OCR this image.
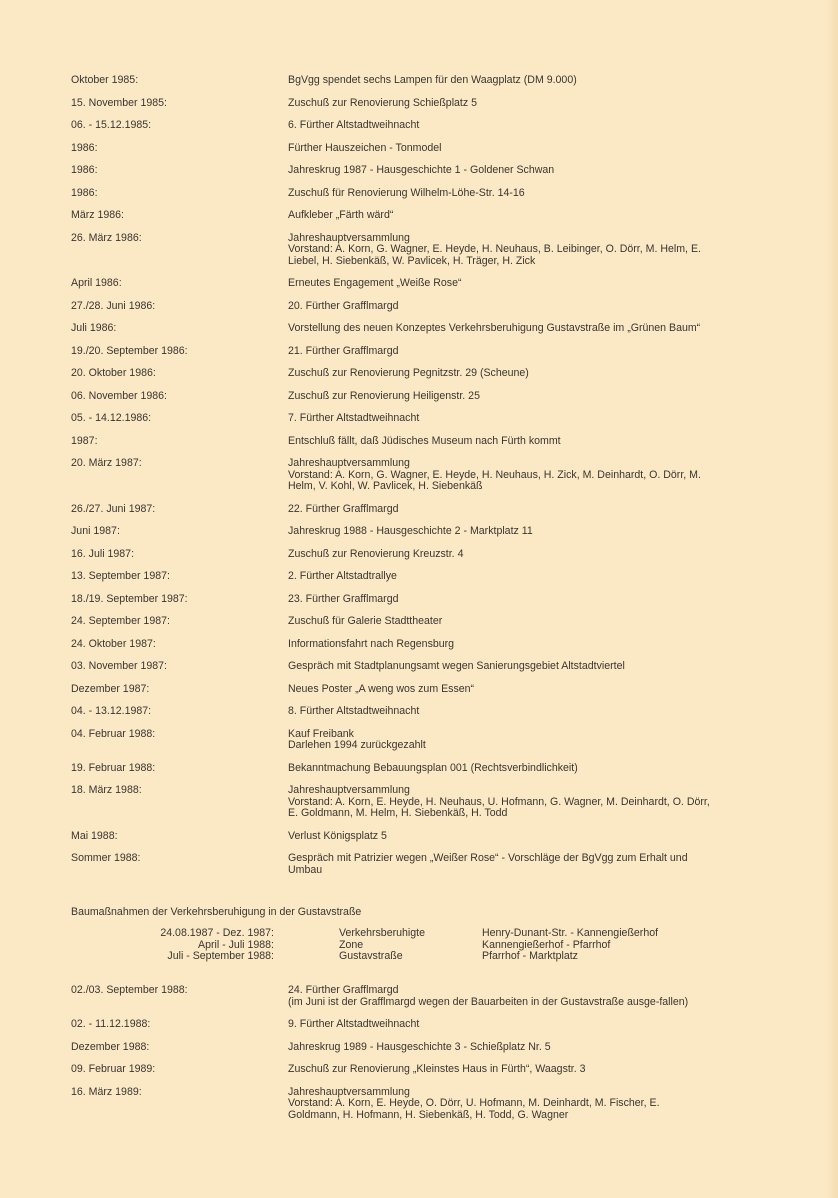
Oktober 1985:	BgVgg spendet sechs Lampen für den Waagplatz (DM 9.000)
15. November 1985:	Zuschuß zur Renovierung Schießplatz 5
06. - 15.12.1985:	6. Fürther Altstadtweihnacht
1986:	Fürther Hauszeichen - Tonmodel
1986:	Jahreskrug 1987 - Hausgeschichte 1 - Goldener Schwan
1986:	Zuschuß für Renovierung Wilhelm-Löhe-Str. 14-16
März 1986:	Aufkleber „Färth wärd“
26. März 1986:	Jahreshauptversammlung
Vorstand: A. Korn, G. Wagner, E. Heyde, H. Neuhaus, B. Leibinger, O. Dörr, M. Helm, E. Liebel, H. Siebenkäß, W. Pavlicek, H. Träger, H. Zick
April 1986:	Erneutes Engagement „Weiße Rose“
27./28. Juni 1986:	20. Fürther Grafflmargd
Juli 1986:	Vorstellung des neuen Konzeptes Verkehrsberuhigung Gustavstraße im „Grünen Baum“
19./20. September 1986:	21. Fürther Grafflmargd
20. Oktober 1986:	Zuschuß zur Renovierung Pegnitzstr. 29 (Scheune)
06. November 1986:	Zuschuß zur Renovierung Heiligenstr. 25
05. - 14.12.1986:	7. Fürther Altstadtweihnacht
1987:	Entschluß fällt, daß Jüdisches Museum nach Fürth kommt
20. März 1987:	Jahreshauptversammlung
Vorstand: A. Korn, G. Wagner, E. Heyde, H. Neuhaus, H. Zick, M. Deinhardt, O. Dörr, M. Helm, V. Kohl, W. Pavlicek, H. Siebenkäß
26./27. Juni 1987:	22. Fürther Grafflmargd
Juni 1987:	Jahreskrug 1988 - Hausgeschichte 2 - Marktplatz 11
16. Juli 1987:	Zuschuß zur Renovierung Kreuzstr. 4
13. September 1987:	2. Fürther Altstadtrallye
18./19. September 1987:	23. Fürther Grafflmargd
24. September 1987:	Zuschuß für Galerie Stadttheater
24. Oktober 1987:	Informationsfahrt nach Regensburg
03. November 1987:	Gespräch mit Stadtplanungsamt wegen Sanierungsgebiet Altstadtviertel
Dezember 1987:	Neues Poster „A weng wos zum Essen“
04. - 13.12.1987:	8. Fürther Altstadtweihnacht
04. Februar 1988:	Kauf Freibank
Darlehen 1994 zurückgezahlt
19. Februar 1988:	Bekanntmachung Bebauungsplan 001 (Rechtsverbindlichkeit)
18. März 1988:	Jahreshauptversammlung
Vorstand: A. Korn, E. Heyde, H. Neuhaus, U. Hofmann, G. Wagner, M. Deinhardt, O. Dörr, E. Goldmann, M. Helm, H. Siebenkäß, H. Todd
Mai 1988:	Verlust Königsplatz 5
Sommer 1988:	Gespräch mit Patrizier wegen „Weißer Rose“ - Vorschläge der BgVgg zum Erhalt und Umbau
Baumaßnahmen der Verkehrsberuhigung in der Gustavstraße
24.08.1987 - Dez. 1987:	Verkehrsberuhigte	Henry-Dunant-Str. - Kannengießerhof
April - Juli 1988:	Zone	Kannengießerhof - Pfarrhof
Juli - September 1988:	Gustavstraße	Pfarrhof - Marktplatz
02./03. September 1988:	24. Fürther Grafflmargd
(im Juni ist der Grafflmargd wegen der Bauarbeiten in der Gustavstraße ausge-fallen)
02. - 11.12.1988:	9. Fürther Altstadtweihnacht
Dezember 1988:	Jahreskrug 1989 - Hausgeschichte 3 - Schießplatz Nr. 5
09. Februar 1989:	Zuschuß zur Renovierung „Kleinstes Haus in Fürth“, Waagstr. 3
16. März 1989:	Jahreshauptversammlung
Vorstand: A. Korn, E. Heyde, O. Dörr, U. Hofmann, M. Deinhardt, M. Fischer, E. Goldmann, H. Hofmann, H. Siebenkäß, H. Todd, G. Wagner
